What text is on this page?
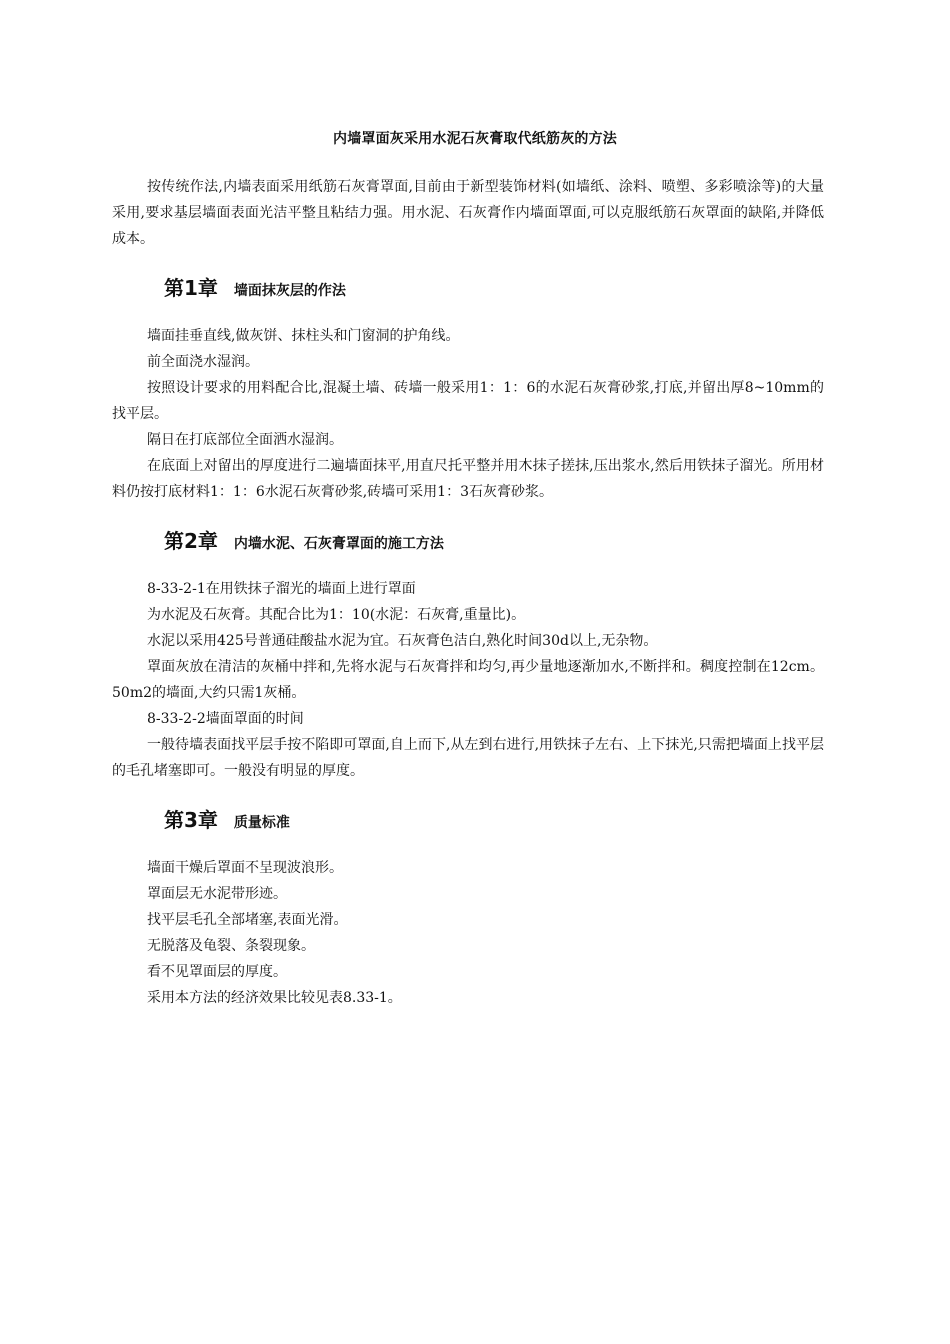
内墙罩面灰采用水泥石灰膏取代纸筋灰的方法

按传统作法,内墙表面采用纸筋石灰膏罩面,目前由于新型装饰材料(如墙纸、涂料、喷塑、多彩喷涂等)的大量采用,要求基层墙面表面光洁平整且粘结力强。用水泥、石灰膏作内墙面罩面,可以克服纸筋石灰罩面的缺陷,并降低成本。

第1章 墙面抹灰层的作法

墙面挂垂直线,做灰饼、抹柱头和门窗洞的护角线。

前全面浇水湿润。

按照设计要求的用料配合比,混凝土墙、砖墙一般采用1：1：6的水泥石灰膏砂浆,打底,并留出厚8~10mm的找平层。

隔日在打底部位全面洒水湿润。

在底面上对留出的厚度进行二遍墙面抹平,用直尺托平整并用木抹子搓抹,压出浆水,然后用铁抹子溜光。所用材料仍按打底材料1：1：6水泥石灰膏砂浆,砖墙可采用1：3石灰膏砂浆。

第2章 内墙水泥、石灰膏罩面的施工方法

8-33-2-1在用铁抹子溜光的墙面上进行罩面

为水泥及石灰膏。其配合比为1：10(水泥：石灰膏,重量比)。

水泥以采用425号普通硅酸盐水泥为宜。石灰膏色洁白,熟化时间30d以上,无杂物。

罩面灰放在清洁的灰桶中拌和,先将水泥与石灰膏拌和均匀,再少量地逐渐加水,不断拌和。稠度控制在12cm。50m2的墙面,大约只需1灰桶。

8-33-2-2墙面罩面的时间

一般待墙表面找平层手按不陷即可罩面,自上而下,从左到右进行,用铁抹子左右、上下抹光,只需把墙面上找平层的毛孔堵塞即可。一般没有明显的厚度。

第3章 质量标准

墙面干燥后罩面不呈现波浪形。

罩面层无水泥带形迹。

找平层毛孔全部堵塞,表面光滑。

无脱落及龟裂、条裂现象。

看不见罩面层的厚度。

采用本方法的经济效果比较见表8.33-1。
